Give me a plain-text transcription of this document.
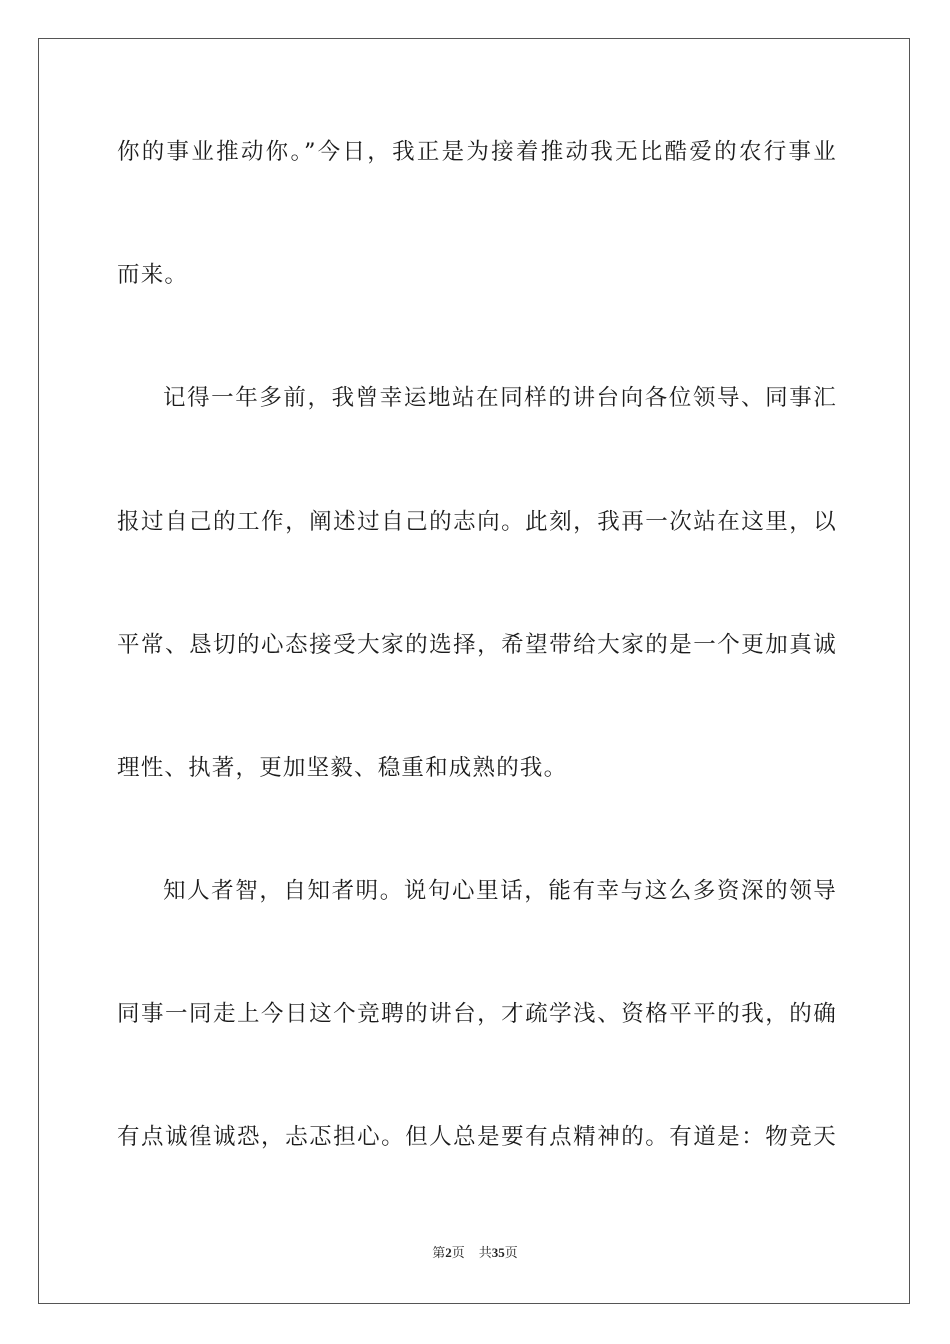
你的事业推动你。”今日，我正是为接着推动我无比酷爱的农行事业
而来。
记得一年多前，我曾幸运地站在同样的讲台向各位领导、同事汇
报过自己的工作，阐述过自己的志向。此刻，我再一次站在这里，以
平常、恳切的心态接受大家的选择，希望带给大家的是一个更加真诚
理性、执著，更加坚毅、稳重和成熟的我。
知人者智，自知者明。说句心里话，能有幸与这么多资深的领导
同事一同走上今日这个竞聘的讲台，才疏学浅、资格平平的我，的确
有点诚徨诚恐，忐忑担心。但人总是要有点精神的。有道是：物竞天
第2页 共35页
